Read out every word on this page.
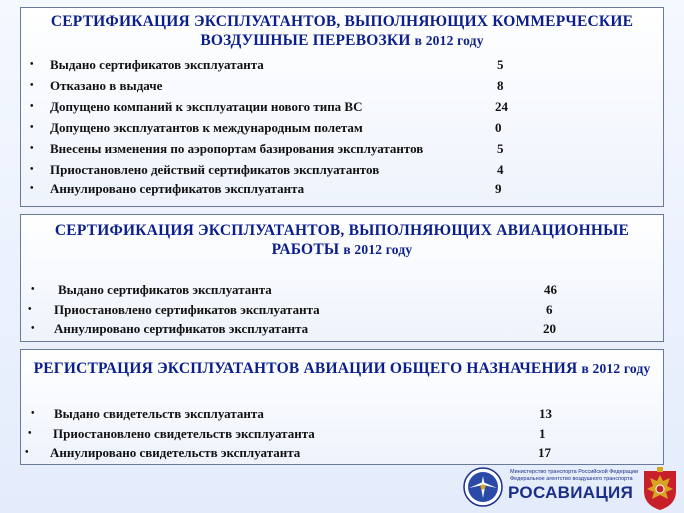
СЕРТИФИКАЦИЯ ЭКСПЛУАТАНТОВ, ВЫПОЛНЯЮЩИХ КОММЕРЧЕСКИЕ
ВОЗДУШНЫЕ ПЕРЕВОЗКИ в 2012 году
• Выдано сертификатов эксплуатанта	5
• Отказано в выдаче	8
• Допущено компаний к эксплуатации нового типа ВС	24
• Допущено эксплуатантов к международным полетам	0
• Внесены изменения по аэропортам базирования эксплуатантов	5
• Приостановлено действий сертификатов эксплуатантов	4
• Аннулировано сертификатов эксплуатанта	9
СЕРТИФИКАЦИЯ ЭКСПЛУАТАНТОВ, ВЫПОЛНЯЮЩИХ АВИАЦИОННЫЕ
РАБОТЫ в 2012 году
• Выдано сертификатов эксплуатанта	46
• Приостановлено сертификатов эксплуатанта	6
• Аннулировано сертификатов эксплуатанта	20
РЕГИСТРАЦИЯ ЭКСПЛУАТАНТОВ АВИАЦИИ ОБЩЕГО НАЗНАЧЕНИЯ в 2012 году
• Выдано свидетельств эксплуатанта	13
• Приостановлено свидетельств эксплуатанта	1
• Аннулировано свидетельств эксплуатанта	17
Министерство транспорта Российской Федерации
Федеральное агентство воздушного транспорта
РОСАВИАЦИЯ
